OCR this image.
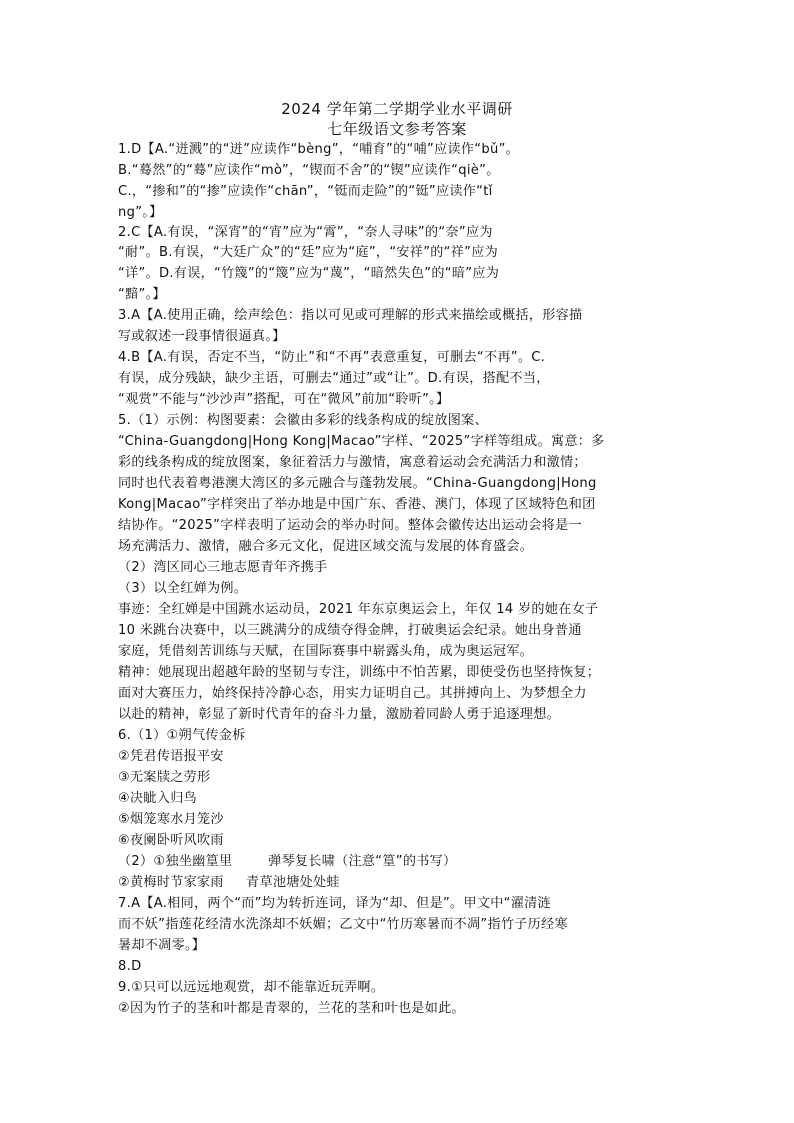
2024 学年第二学期学业水平调研
七年级语文参考答案
1.D【A.“迸溅”的“迸”应读作“bèng”，“哺育”的“哺”应读作“bǔ”。
B.“蓦然”的“蓦”应读作“mò”，“锲而不舍”的“锲”应读作“qiè”。
C.，“掺和”的“掺”应读作“chān”，“铤而走险”的“铤”应读作“tǐ
ng”。】
2.C【A.有误，“深宵”的“宵”应为“霄”，“奈人寻味”的“奈”应为
“耐”。B.有误，“大廷广众”的“廷”应为“庭”，“安祥”的“祥”应为
“详”。D.有误，“竹篾”的“篾”应为“蔑”，“暗然失色”的“暗”应为
“黯”。】
3.A【A.使用正确，绘声绘色：指以可见或可理解的形式来描绘或概括，形容描
写或叙述一段事情很逼真。】
4.B【A.有误，否定不当，“防止”和“不再”表意重复，可删去“不再”。C.
有误，成分残缺，缺少主语，可删去“通过”或“让”。D.有误，搭配不当，
“观赏”不能与“沙沙声”搭配，可在“微风”前加“聆听”。】
5.（1）示例：构图要素：会徽由多彩的线条构成的绽放图案、
“China-Guangdong|Hong Kong|Macao”字样、“2025”字样等组成。寓意：多
彩的线条构成的绽放图案，象征着活力与激情，寓意着运动会充满活力和激情；
同时也代表着粤港澳大湾区的多元融合与蓬勃发展。“China-Guangdong|Hong
Kong|Macao”字样突出了举办地是中国广东、香港、澳门，体现了区域特色和团
结协作。“2025”字样表明了运动会的举办时间。整体会徽传达出运动会将是一
场充满活力、激情，融合多元文化，促进区域交流与发展的体育盛会。
（2）湾区同心三地志愿青年齐携手
（3）以全红婵为例。
事迹：全红婵是中国跳水运动员，2021 年东京奥运会上，年仅 14 岁的她在女子
10 米跳台决赛中，以三跳满分的成绩夺得金牌，打破奥运会纪录。她出身普通
家庭，凭借刻苦训练与天赋，在国际赛事中崭露头角，成为奥运冠军。
精神：她展现出超越年龄的坚韧与专注，训练中不怕苦累，即使受伤也坚持恢复；
面对大赛压力，始终保持冷静心态，用实力证明自己。其拼搏向上、为梦想全力
以赴的精神，彰显了新时代青年的奋斗力量，激励着同龄人勇于追逐理想。
6.（1）①朔气传金柝
②凭君传语报平安
③无案牍之劳形
④决眦入归鸟
⑤烟笼寒水月笼沙
⑥夜阑卧听风吹雨
（2）①独坐幽篁里        弹琴复长啸（注意“篁”的书写）
②黄梅时节家家雨     青草池塘处处蛙
7.A【A.相同，两个“而”均为转折连词，译为“却、但是”。甲文中“濯清涟
而不妖”指莲花经清水洗涤却不妖媚；乙文中“竹历寒暑而不凋”指竹子历经寒
暑却不凋零。】
8.D
9.①只可以远远地观赏，却不能靠近玩弄啊。
②因为竹子的茎和叶都是青翠的，兰花的茎和叶也是如此。
